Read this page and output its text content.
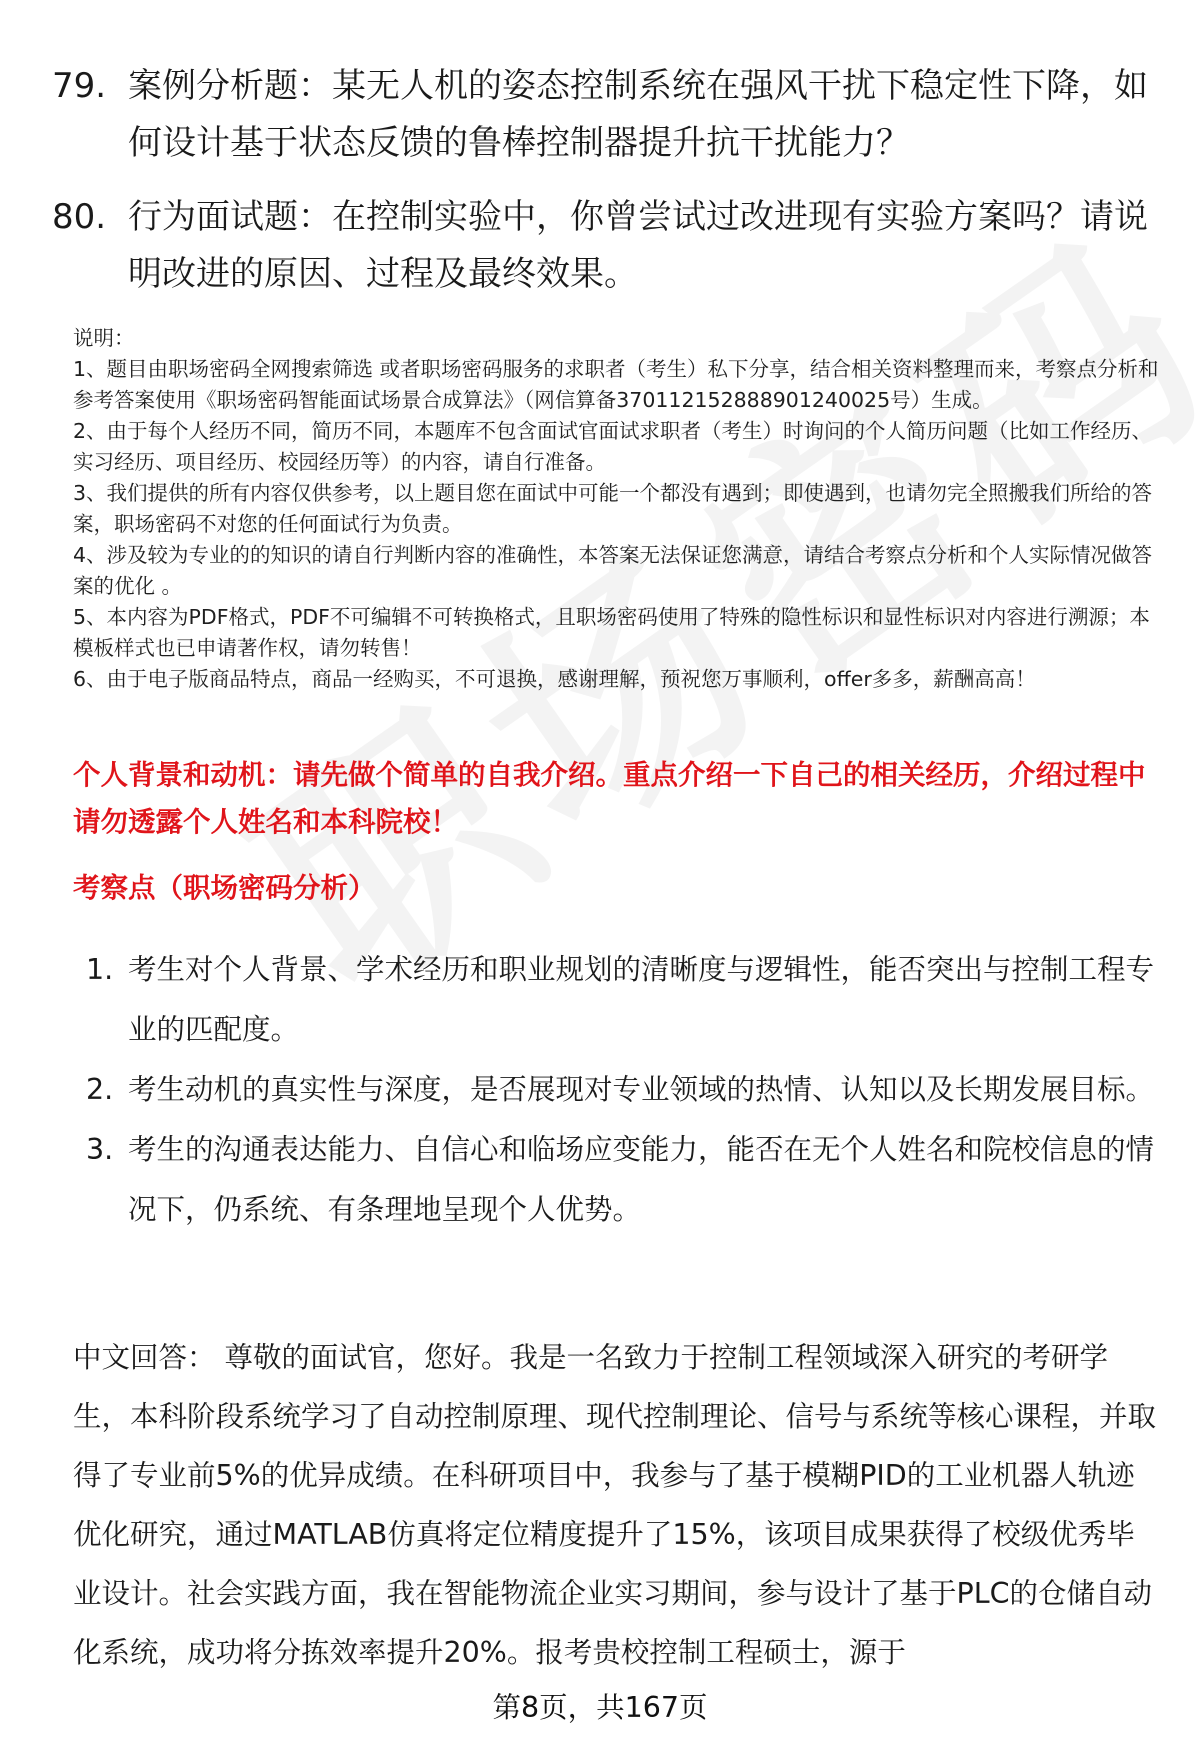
79. 案例分析题：某无人机的姿态控制系统在强风干扰下稳定性下降，如何设计基于状态反馈的鲁棒控制器提升抗干扰能力？
80. 行为面试题：在控制实验中，你曾尝试过改进现有实验方案吗？请说明改进的原因、过程及最终效果。
说明：
1、题目由职场密码全网搜索筛选 或者职场密码服务的求职者（考生）私下分享，结合相关资料整理而来，考察点分析和参考答案使用《职场密码智能面试场景合成算法》（网信算备370112152888901240025号）生成。
2、由于每个人经历不同，简历不同，本题库不包含面试官面试求职者（考生）时询问的个人简历问题（比如工作经历、实习经历、项目经历、校园经历等）的内容，请自行准备。
3、我们提供的所有内容仅供参考，以上题目您在面试中可能一个都没有遇到；即使遇到，也请勿完全照搬我们所给的答案，职场密码不对您的任何面试行为负责。
4、涉及较为专业的的知识的请自行判断内容的准确性，本答案无法保证您满意，请结合考察点分析和个人实际情况做答案的优化 。
5、本内容为PDF格式，PDF不可编辑不可转换格式，且职场密码使用了特殊的隐性标识和显性标识对内容进行溯源；本模板样式也已申请著作权，请勿转售！
6、由于电子版商品特点，商品一经购买，不可退换，感谢理解，预祝您万事顺利，offer多多，薪酬高高！
个人背景和动机：请先做个简单的自我介绍。重点介绍一下自己的相关经历，介绍过程中请勿透露个人姓名和本科院校！
考察点（职场密码分析）
1. 考生对个人背景、学术经历和职业规划的清晰度与逻辑性，能否突出与控制工程专业的匹配度。
2. 考生动机的真实性与深度，是否展现对专业领域的热情、认知以及长期发展目标。
3. 考生的沟通表达能力、自信心和临场应变能力，能否在无个人姓名和院校信息的情况下，仍系统、有条理地呈现个人优势。
中文回答： 尊敬的面试官，您好。我是一名致力于控制工程领域深入研究的考研学生，本科阶段系统学习了自动控制原理、现代控制理论、信号与系统等核心课程，并取得了专业前5%的优异成绩。在科研项目中，我参与了基于模糊PID的工业机器人轨迹优化研究，通过MATLAB仿真将定位精度提升了15%，该项目成果获得了校级优秀毕业设计。社会实践方面，我在智能物流企业实习期间，参与设计了基于PLC的仓储自动化系统，成功将分拣效率提升20%。报考贵校控制工程硕士，源于
第8页，共167页
